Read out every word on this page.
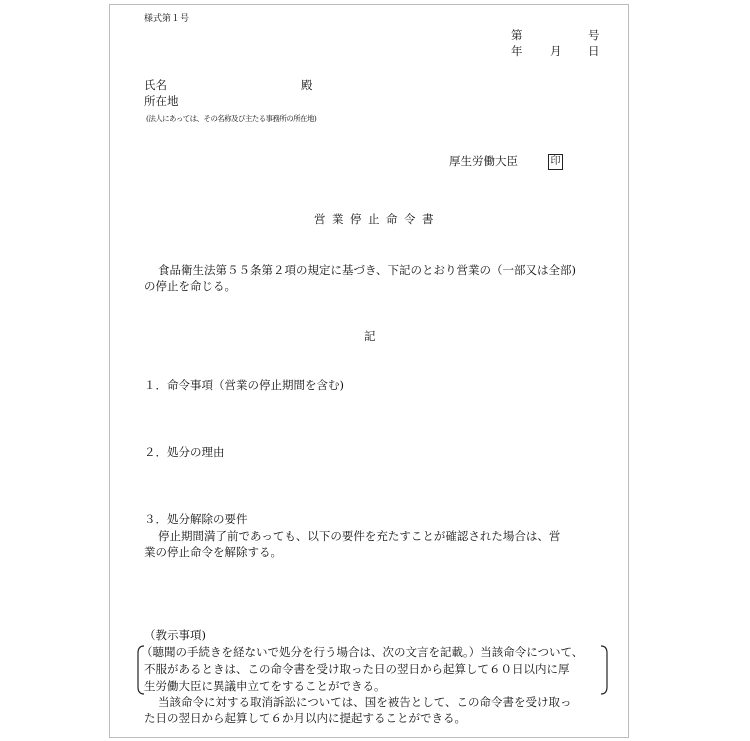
様式第１号
第	号
年 月 日
氏名	殿
所在地
(法人にあっては、その名称及び主たる事務所の所在地)
厚生労働大臣	印
営業停止命令書
食品衛生法第５５条第２項の規定に基づき、下記のとおり営業の（一部又は全部)
の停止を命じる。
記
１．命令事項（営業の停止期間を含む)
２．処分の理由
３．処分解除の要件
停止期間満了前であっても、以下の要件を充たすことが確認された場合は、営
業の停止命令を解除する。
（教示事項)
（聴聞の手続きを経ないで処分を行う場合は、次の文言を記載。）当該命令について、
不服があるときは、この命令書を受け取った日の翌日から起算して６０日以内に厚
生労働大臣に異議申立てをすることができる。
当該命令に対する取消訴訟については、国を被告として、この命令書を受け取っ
た日の翌日から起算して６か月以内に提起することができる。
